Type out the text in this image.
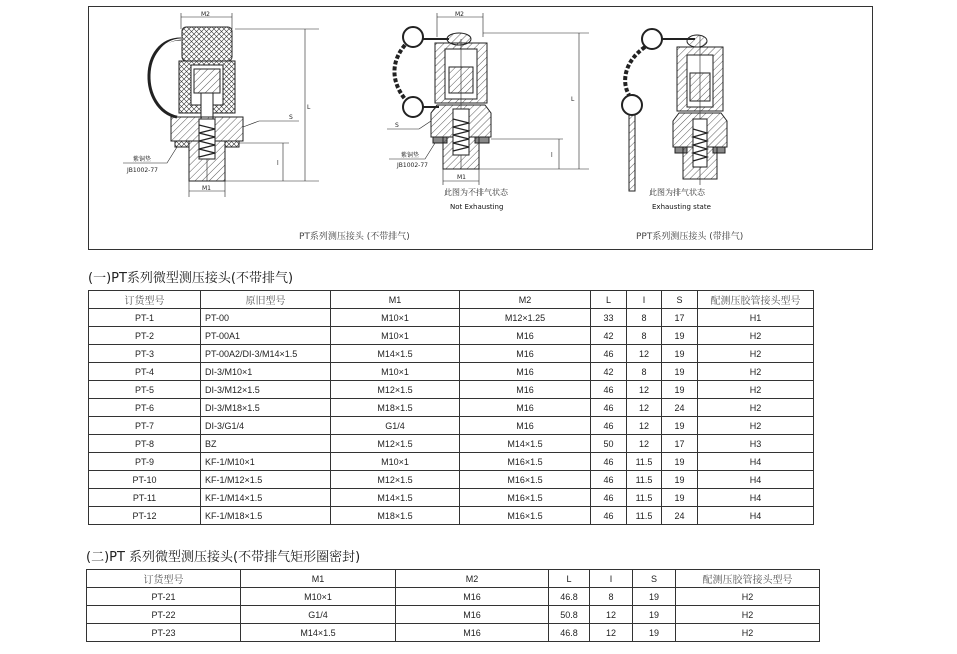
M2
M1
L
l
S
紫铜垫
JB1002-77
M2
M1
L
l
S
紫铜垫
JB1002-77
此图为不排气状态
Not Exhausting
此图为排气状态
Exhausting state
PT系列测压接头 (不带排气)	PPT系列测压接头 (带排气)
(一)PT系列微型测压接头(不带排气)
订货型号	原旧型号	M1	M2	L	I	S	配测压胶管接头型号
PT-1	PT-00	M10×1	M12×1.25	33	8	17	H1
PT-2	PT-00A1	M10×1	M16	42	8	19	H2
PT-3	PT-00A2/DI-3/M14×1.5	M14×1.5	M16	46	12	19	H2
PT-4	DI-3/M10×1	M10×1	M16	42	8	19	H2
PT-5	DI-3/M12×1.5	M12×1.5	M16	46	12	19	H2
PT-6	DI-3/M18×1.5	M18×1.5	M16	46	12	24	H2
PT-7	DI-3/G1/4	G1/4	M16	46	12	19	H2
PT-8	BZ	M12×1.5	M14×1.5	50	12	17	H3
PT-9	KF-1/M10×1	M10×1	M16×1.5	46	11.5	19	H4
PT-10	KF-1/M12×1.5	M12×1.5	M16×1.5	46	11.5	19	H4
PT-11	KF-1/M14×1.5	M14×1.5	M16×1.5	46	11.5	19	H4
PT-12	KF-1/M18×1.5	M18×1.5	M16×1.5	46	11.5	24	H4
(二)PT 系列微型测压接头(不带排气矩形圈密封)
订货型号	M1	M2	L	I	S	配测压胶管接头型号
PT-21	M10×1	M16	46.8	8	19	H2
PT-22	G1/4	M16	50.8	12	19	H2
PT-23	M14×1.5	M16	46.8	12	19	H2
